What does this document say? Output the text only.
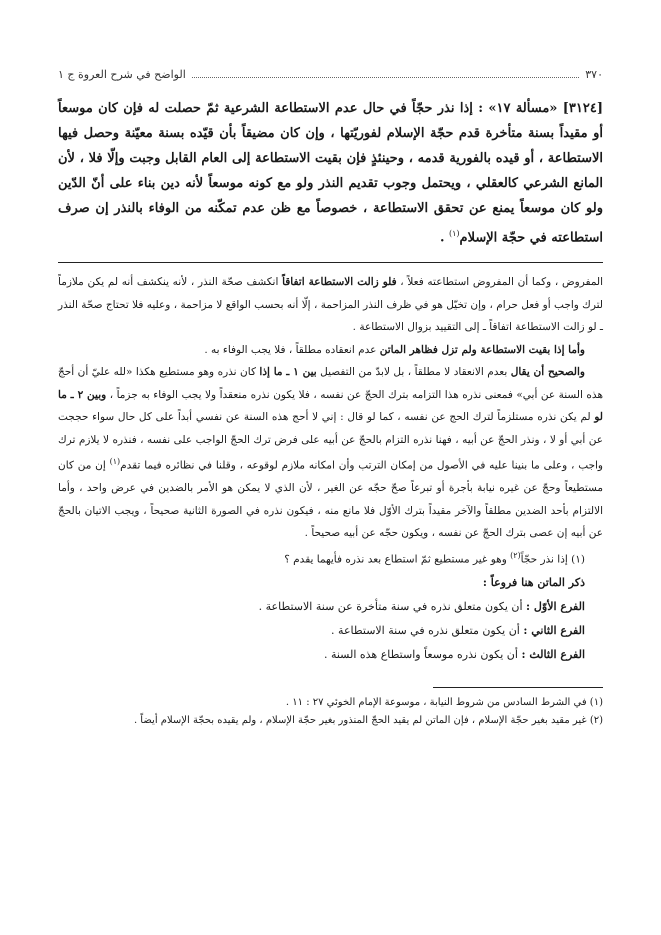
٣٧٠
الواضح في شرح العروة ج ١
[٣١٢٤] «مسألة ١٧» : إذا نذر حجّاً في حال عدم الاستطاعة الشرعية ثمّ حصلت له فإن كان موسعاً أو مقيداً بسنة متأخرة قدم حجّة الإسلام لفوريّتها ، وإن كان مضيقاً بأن قيّده بسنة معيّنة وحصل فيها الاستطاعة ، أو قيده بالفورية قدمه ، وحينئذٍ فإن بقيت الاستطاعة إلى العام القابل وجبت وإلّا فلا ، لأن المانع الشرعي كالعقلي ، ويحتمل وجوب تقديم النذر ولو مع كونه موسعاً لأنه دين بناء على أنّ الدّين ولو كان موسعاً يمنع عن تحقق الاستطاعة ، خصوصاً مع ظن عدم تمكّنه من الوفاء بالنذر إن صرف استطاعته في حجّة الإسلام$^{(١)}$ .

المفروض ، وكما أن المفروض استطاعته فعلاً ، فلو زالت الاستطاعة اتفاقاً انكشف صحّة النذر ، لأنه ينكشف أنه لم يكن ملازماً لترك واجب أو فعل حرام ، وإن تخيّل هو في ظرف النذر المزاحمة ، إلّا أنه بحسب الواقع لا مزاحمة ، وعليه فلا تحتاج صحّة النذر ـ لو زالت الاستطاعة اتفاقاً ـ إلى التقييد بزوال الاستطاعة .

وأما إذا بقيت الاستطاعة ولم تزل فظاهر الماتن عدم انعقاده مطلقاً ، فلا يجب الوفاء به .

والصحيح أن يقال بعدم الانعقاد لا مطلقاً ، بل لابدّ من التفصيل بين ١ ـ ما إذا كان نذره وهو مستطيع هكذا «لله عليّ أن أحجّ هذه السنة عن أبي» فمعنى نذره هذا التزامه بترك الحجّ عن نفسه ، فلا يكون نذره منعقداً ولا يجب الوفاء به جزماً ، وبين ٢ ـ ما لو لم يكن نذره مستلزماً لترك الحج عن نفسه ، كما لو قال : إني لا أحج هذه السنة عن نفسي أبداً على كل حال سواء حججت عن أبي أو لا ، ونذر الحجّ عن أبيه ، فهنا نذره التزام بالحجّ عن أبيه على فرض ترك الحجّ الواجب على نفسه ، فنذره لا يلازم ترك واجب ، وعلى ما بنينا عليه في الأصول من إمكان الترتب وأن امكانه ملازم لوقوعه ، وقلنا في نظائره فيما تقدم$^{(١)}$ إن من كان مستطيعاً وحجّ عن غيره نيابة بأجرة أو تبرعاً صحّ حجّه عن الغير ، لأن الذي لا يمكن هو الأمر بالضدين في عرض واحد ، وأما الالتزام بأحد الضدين مطلقاً والآخر مقيداً بترك الأوّل فلا مانع منه ، فيكون نذره في الصورة الثانية صحيحاً ، ويجب الاتيان بالحجّ عن أبيه إن عصى بترك الحجّ عن نفسه ، ويكون حجّه عن أبيه صحيحاً .

(١) إذا نذر حجّاً$^{(٢)}$ وهو غير مستطيع ثمّ استطاع بعد نذره فأيهما يقدم ؟

ذكر الماتن هنا فروعاً :
الفرع الأوّل : أن يكون متعلق نذره في سنة متأخرة عن سنة الاستطاعة .
الفرع الثاني : أن يكون متعلق نذره في سنة الاستطاعة .
الفرع الثالث : أن يكون نذره موسعاً واستطاع هذه السنة .

(١) في الشرط السادس من شروط النيابة ، موسوعة الإمام الخوئي ٢٧ : ١١ .

(٢) غير مقيد بغير حجّة الإسلام ، فإن الماتن لم يقيد الحجّ المنذور بغير حجّة الإسلام ، ولم يقيده بحجّة الإسلام أيضاً .
